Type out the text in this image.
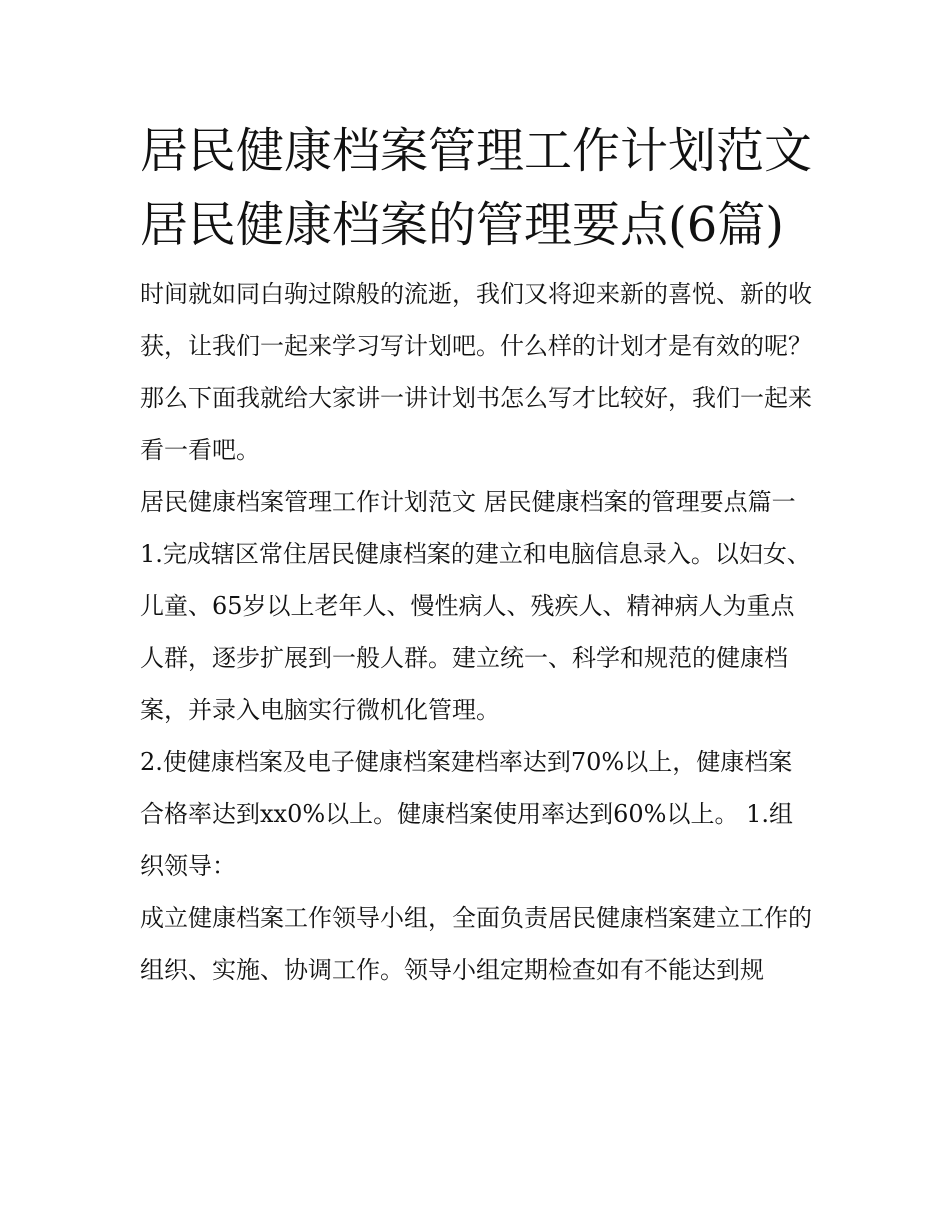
居民健康档案管理工作计划范文 居民健康档案的管理要点(6篇)

时间就如同白驹过隙般的流逝，我们又将迎来新的喜悦、新的收获，让我们一起来学习写计划吧。什么样的计划才是有效的呢？那么下面我就给大家讲一讲计划书怎么写才比较好，我们一起来看一看吧。

居民健康档案管理工作计划范文 居民健康档案的管理要点篇一

1.完成辖区常住居民健康档案的建立和电脑信息录入。以妇女、儿童、65岁以上老年人、慢性病人、残疾人、精神病人为重点人群，逐步扩展到一般人群。建立统一、科学和规范的健康档案，并录入电脑实行微机化管理。

2.使健康档案及电子健康档案建档率达到70%以上，健康档案合格率达到xx0%以上。健康档案使用率达到60%以上。 1.组织领导：

成立健康档案工作领导小组，全面负责居民健康档案建立工作的组织、实施、协调工作。领导小组定期检查如有不能达到规
